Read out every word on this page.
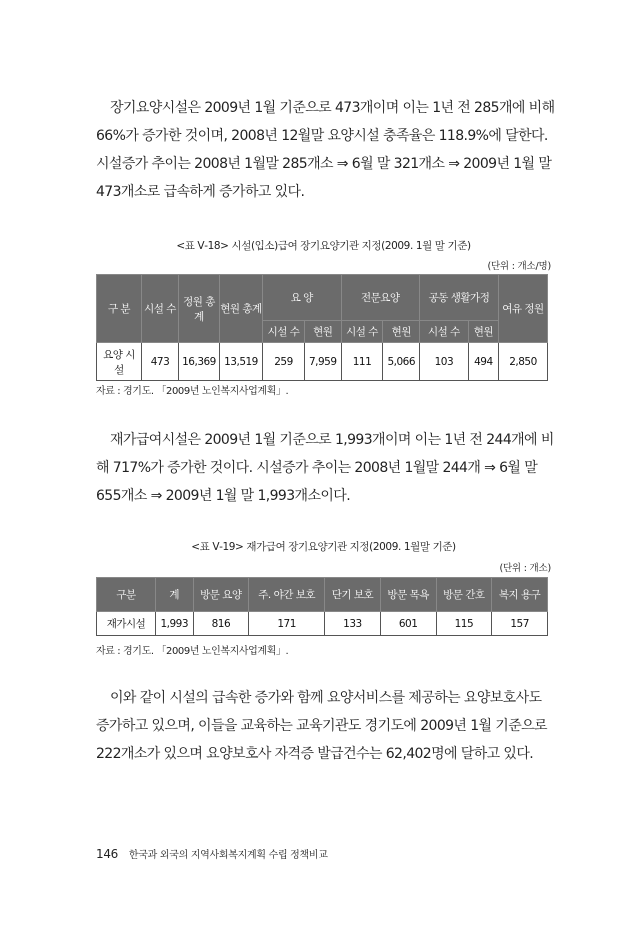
장기요양시설은 2009년 1월 기준으로 473개이며 이는 1년 전 285개에 비해
66%가 증가한 것이며, 2008년 12월말 요양시설 충족율은 118.9%에 달한다.
시설증가 추이는 2008년 1월말 285개소 ⇒ 6월 말 321개소 ⇒ 2009년 1월 말
473개소로 급속하게 증가하고 있다.
<표 Ⅴ-18> 시설(입소)급여 장기요양기관 지정(2009. 1월 말 기준)
(단위 : 개소/명)
구 분	시설 수	정원 총계	현원 총계	요 양		전문요양		공동 생활가정		여유 정원
				시설 수	현원	시설 수	현원	시설 수	현원	
요양 시설	473	16,369	13,519	259	7,959	111	5,066	103	494	2,850
자료 : 경기도. 「2009년 노인복지사업계획」.
재가급여시설은 2009년 1월 기준으로 1,993개이며 이는 1년 전 244개에 비
해 717%가 증가한 것이다. 시설증가 추이는 2008년 1월말 244개 ⇒ 6월 말
655개소 ⇒ 2009년 1월 말 1,993개소이다.
<표 Ⅴ-19> 재가급여 장기요양기관 지정(2009. 1월말 기준)
(단위 : 개소)
구분	계	방문 요양	주. 야간 보호	단기 보호	방문 목욕	방문 간호	복지 용구
재가시설	1,993	816	171	133	601	115	157
자료 : 경기도. 「2009년 노인복지사업계획」.
이와 같이 시설의 급속한 증가와 함께 요양서비스를 제공하는 요양보호사도
증가하고 있으며, 이들을 교육하는 교육기관도 경기도에 2009년 1월 기준으로
222개소가 있으며 요양보호사 자격증 발급건수는 62,402명에 달하고 있다.
146 한국과 외국의 지역사회복지계획 수립 정책비교
